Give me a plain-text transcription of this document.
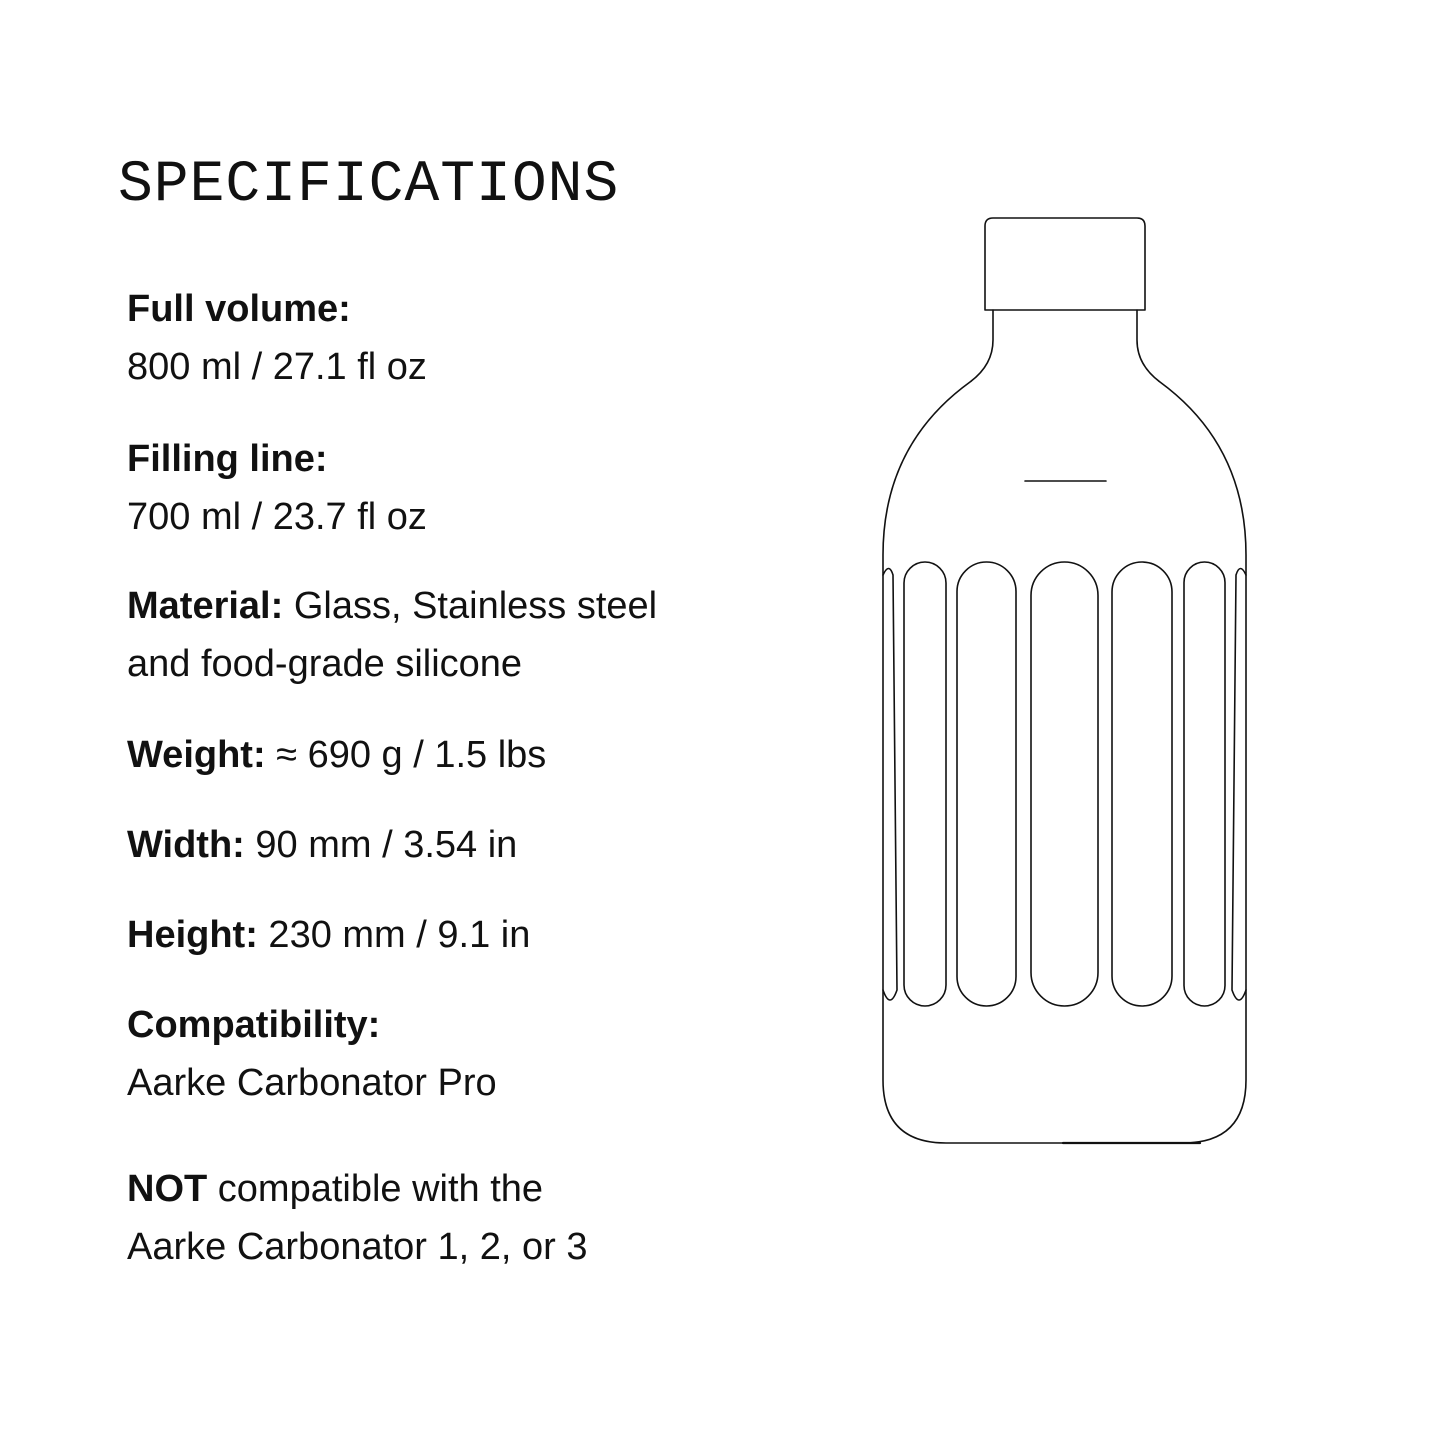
SPECIFICATIONS

Full volume:
800 ml / 27.1 fl oz

Filling line:
700 ml / 23.7 fl oz

Material: Glass, Stainless steel
and food-grade silicone

Weight: ≈ 690 g / 1.5 lbs

Width: 90 mm / 3.54 in

Height: 230 mm / 9.1 in

Compatibility:
Aarke Carbonator Pro

NOT compatible with the
Aarke Carbonator 1, 2, or 3
